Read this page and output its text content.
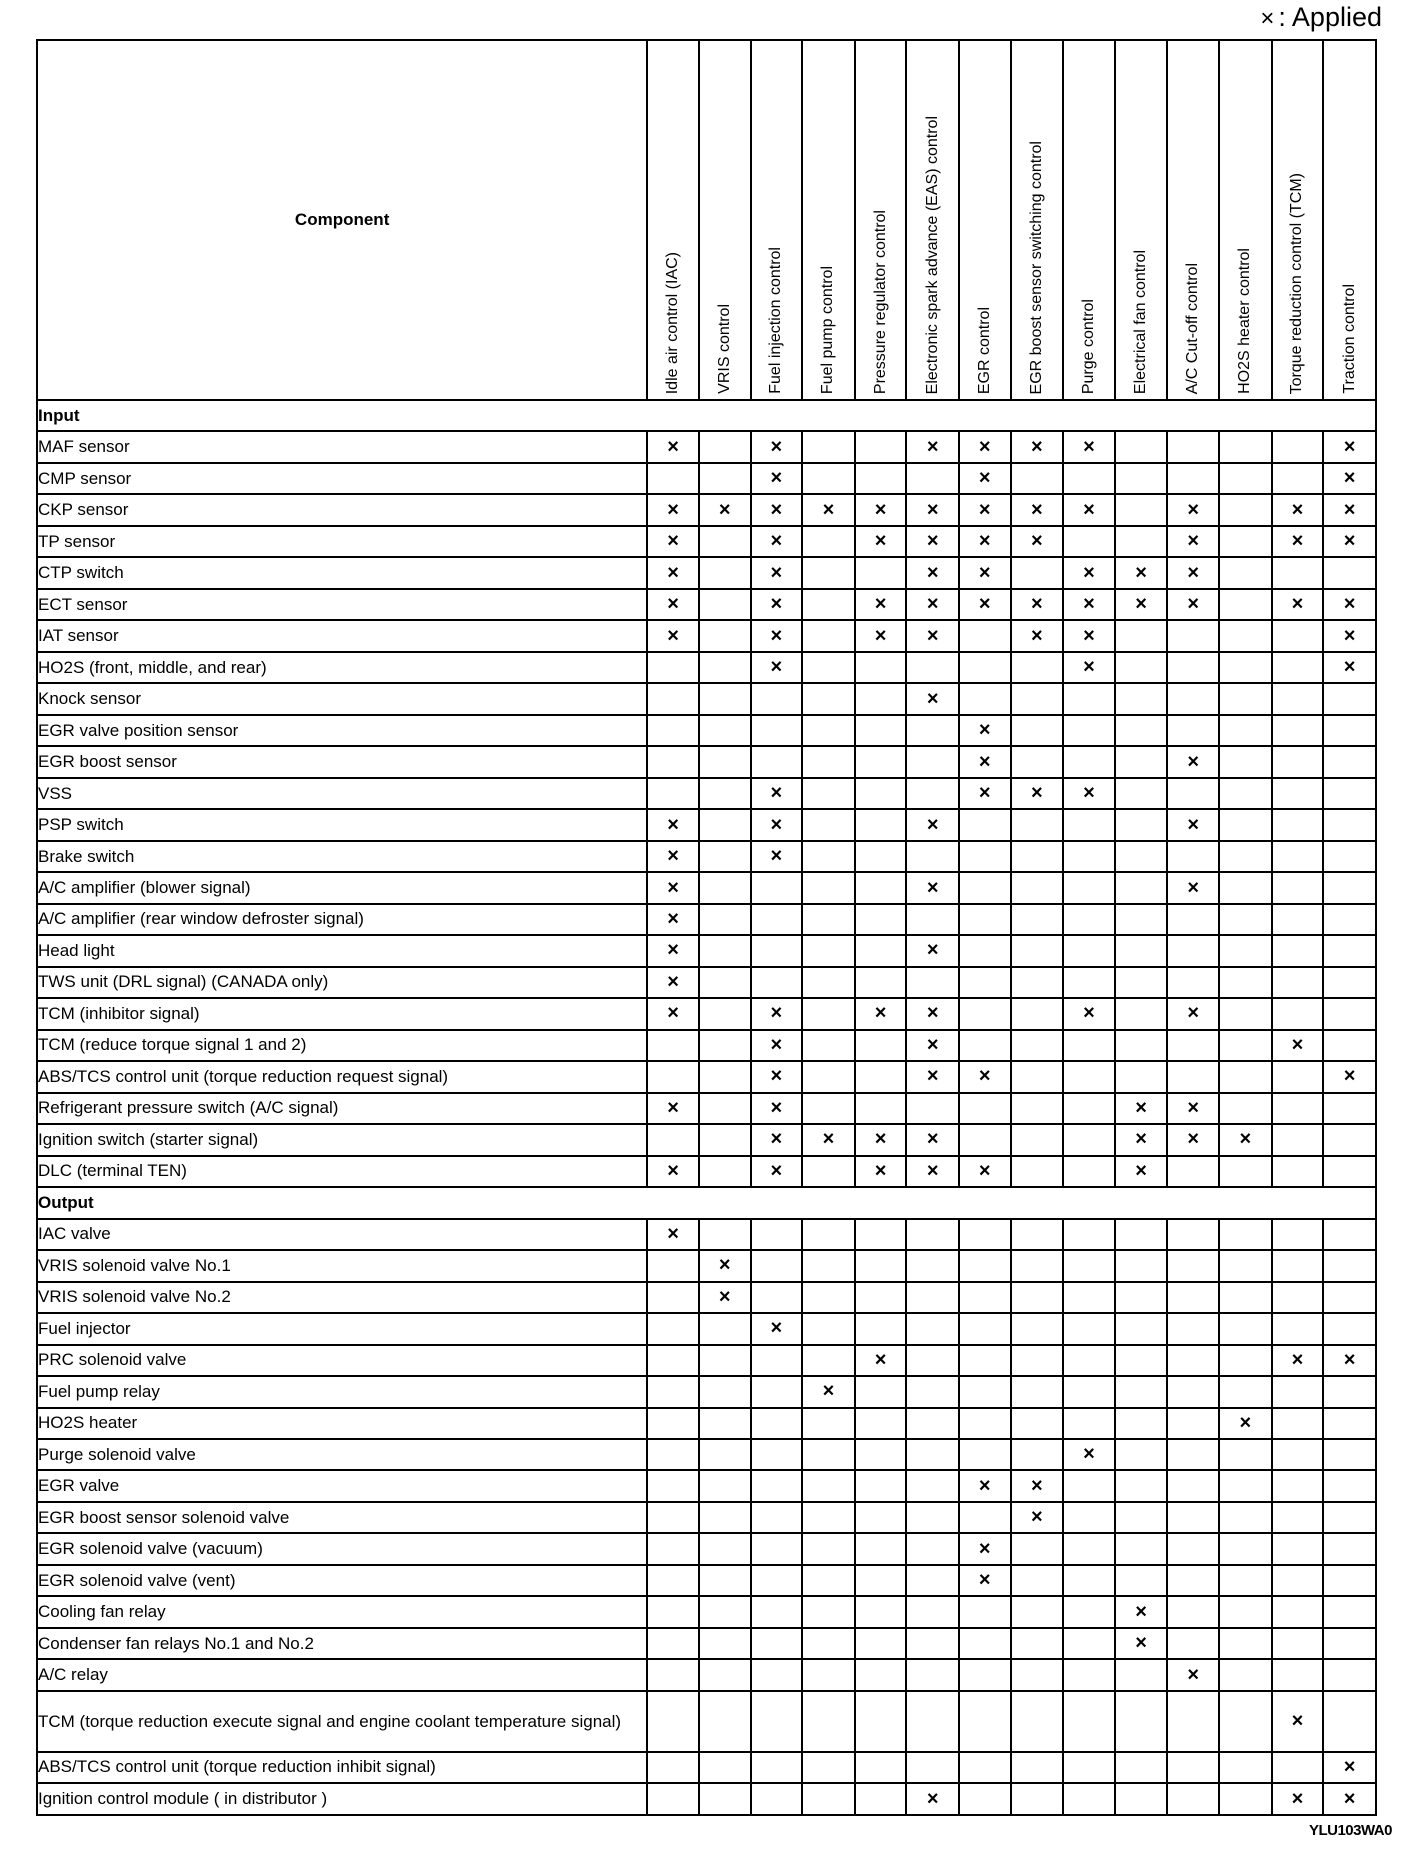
× : Applied
Component	Idle air control (IAC)	VRIS control	Fuel injection control	Fuel pump control	Pressure regulator control	Electronic spark advance (EAS) control	EGR control	EGR boost sensor switching control	Purge control	Electrical fan control	A/C Cut-off control	HO2S heater control	Torque reduction control (TCM)	Traction control
Input														
MAF sensor	×		×			×	×	×	×					×
CMP sensor			×				×							×
CKP sensor	×	×	×	×	×	×	×	×	×		×		×	×
TP sensor	×		×		×	×	×	×			×		×	×
CTP switch	×		×			×	×		×	×	×			
ECT sensor	×		×		×	×	×	×	×	×	×		×	×
IAT sensor	×		×		×	×		×	×					×
HO2S (front, middle, and rear)			×						×					×
Knock sensor						×								
EGR valve position sensor							×							
EGR boost sensor							×				×			
VSS			×				×	×	×					
PSP switch	×		×			×					×			
Brake switch	×		×											
A/C amplifier (blower signal)	×					×					×			
A/C amplifier (rear window defroster signal)	×													
Head light	×					×								
TWS unit (DRL signal) (CANADA only)	×													
TCM (inhibitor signal)	×		×		×	×			×		×			
TCM (reduce torque signal 1 and 2)			×			×							×	
ABS/TCS control unit (torque reduction request signal)			×			×	×							×
Refrigerant pressure switch (A/C signal)	×		×							×	×			
Ignition switch (starter signal)			×	×	×	×				×	×	×		
DLC (terminal TEN)	×		×		×	×	×			×				
Output														
IAC valve	×													
VRIS solenoid valve No.1		×												
VRIS solenoid valve No.2		×												
Fuel injector			×											
PRC solenoid valve					×								×	×
Fuel pump relay				×										
HO2S heater												×		
Purge solenoid valve									×					
EGR valve							×	×						
EGR boost sensor solenoid valve								×						
EGR solenoid valve (vacuum)							×							
EGR solenoid valve (vent)							×							
Cooling fan relay										×				
Condenser fan relays No.1 and No.2										×				
A/C relay											×			
TCM (torque reduction execute signal and engine coolant temperature signal)													×	
ABS/TCS control unit (torque reduction inhibit signal)														×
Ignition control module ( in distributor )						×							×	×
YLU103WA0
